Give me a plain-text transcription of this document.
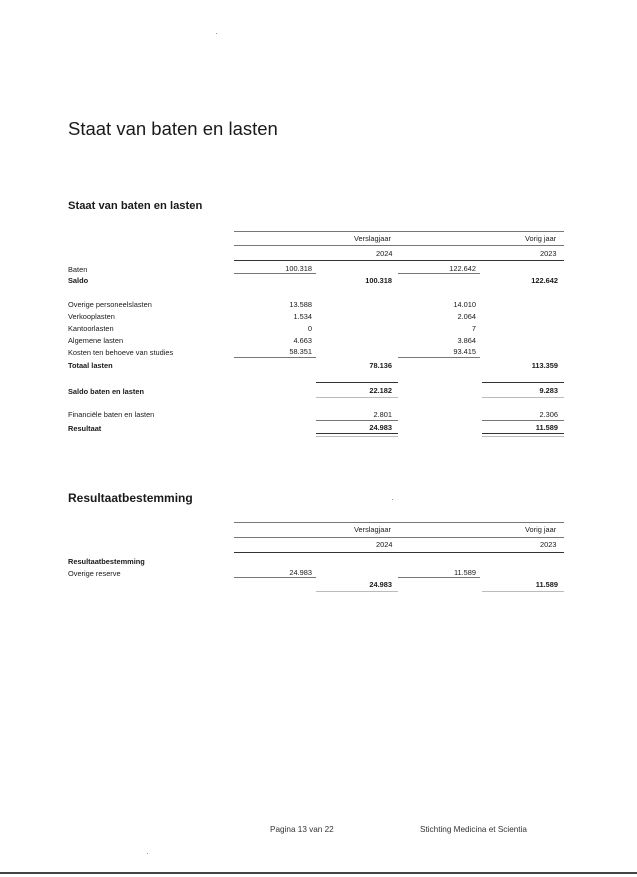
Staat van baten en lasten
Staat van baten en lasten
Verslagjaar	Vorig jaar
2024	2023
Baten	100.318	122.642
Saldo	100.318	122.642
Overige personeelslasten	13.588	14.010
Verkooplasten	1.534	2.064
Kantoorlasten	0	7
Algemene lasten	4.663	3.864
Kosten ten behoeve van studies	58.351	93.415
Totaal lasten	78.136	113.359
Saldo baten en lasten	22.182	9.283
Financiële baten en lasten	2.801	2.306
Resultaat	24.983	11.589
Resultaatbestemming
Verslagjaar	Vorig jaar
2024	2023
Resultaatbestemming
Overige reserve	24.983	11.589
24.983	11.589
Pagina 13 van 22	Stichting Medicina et Scientia
